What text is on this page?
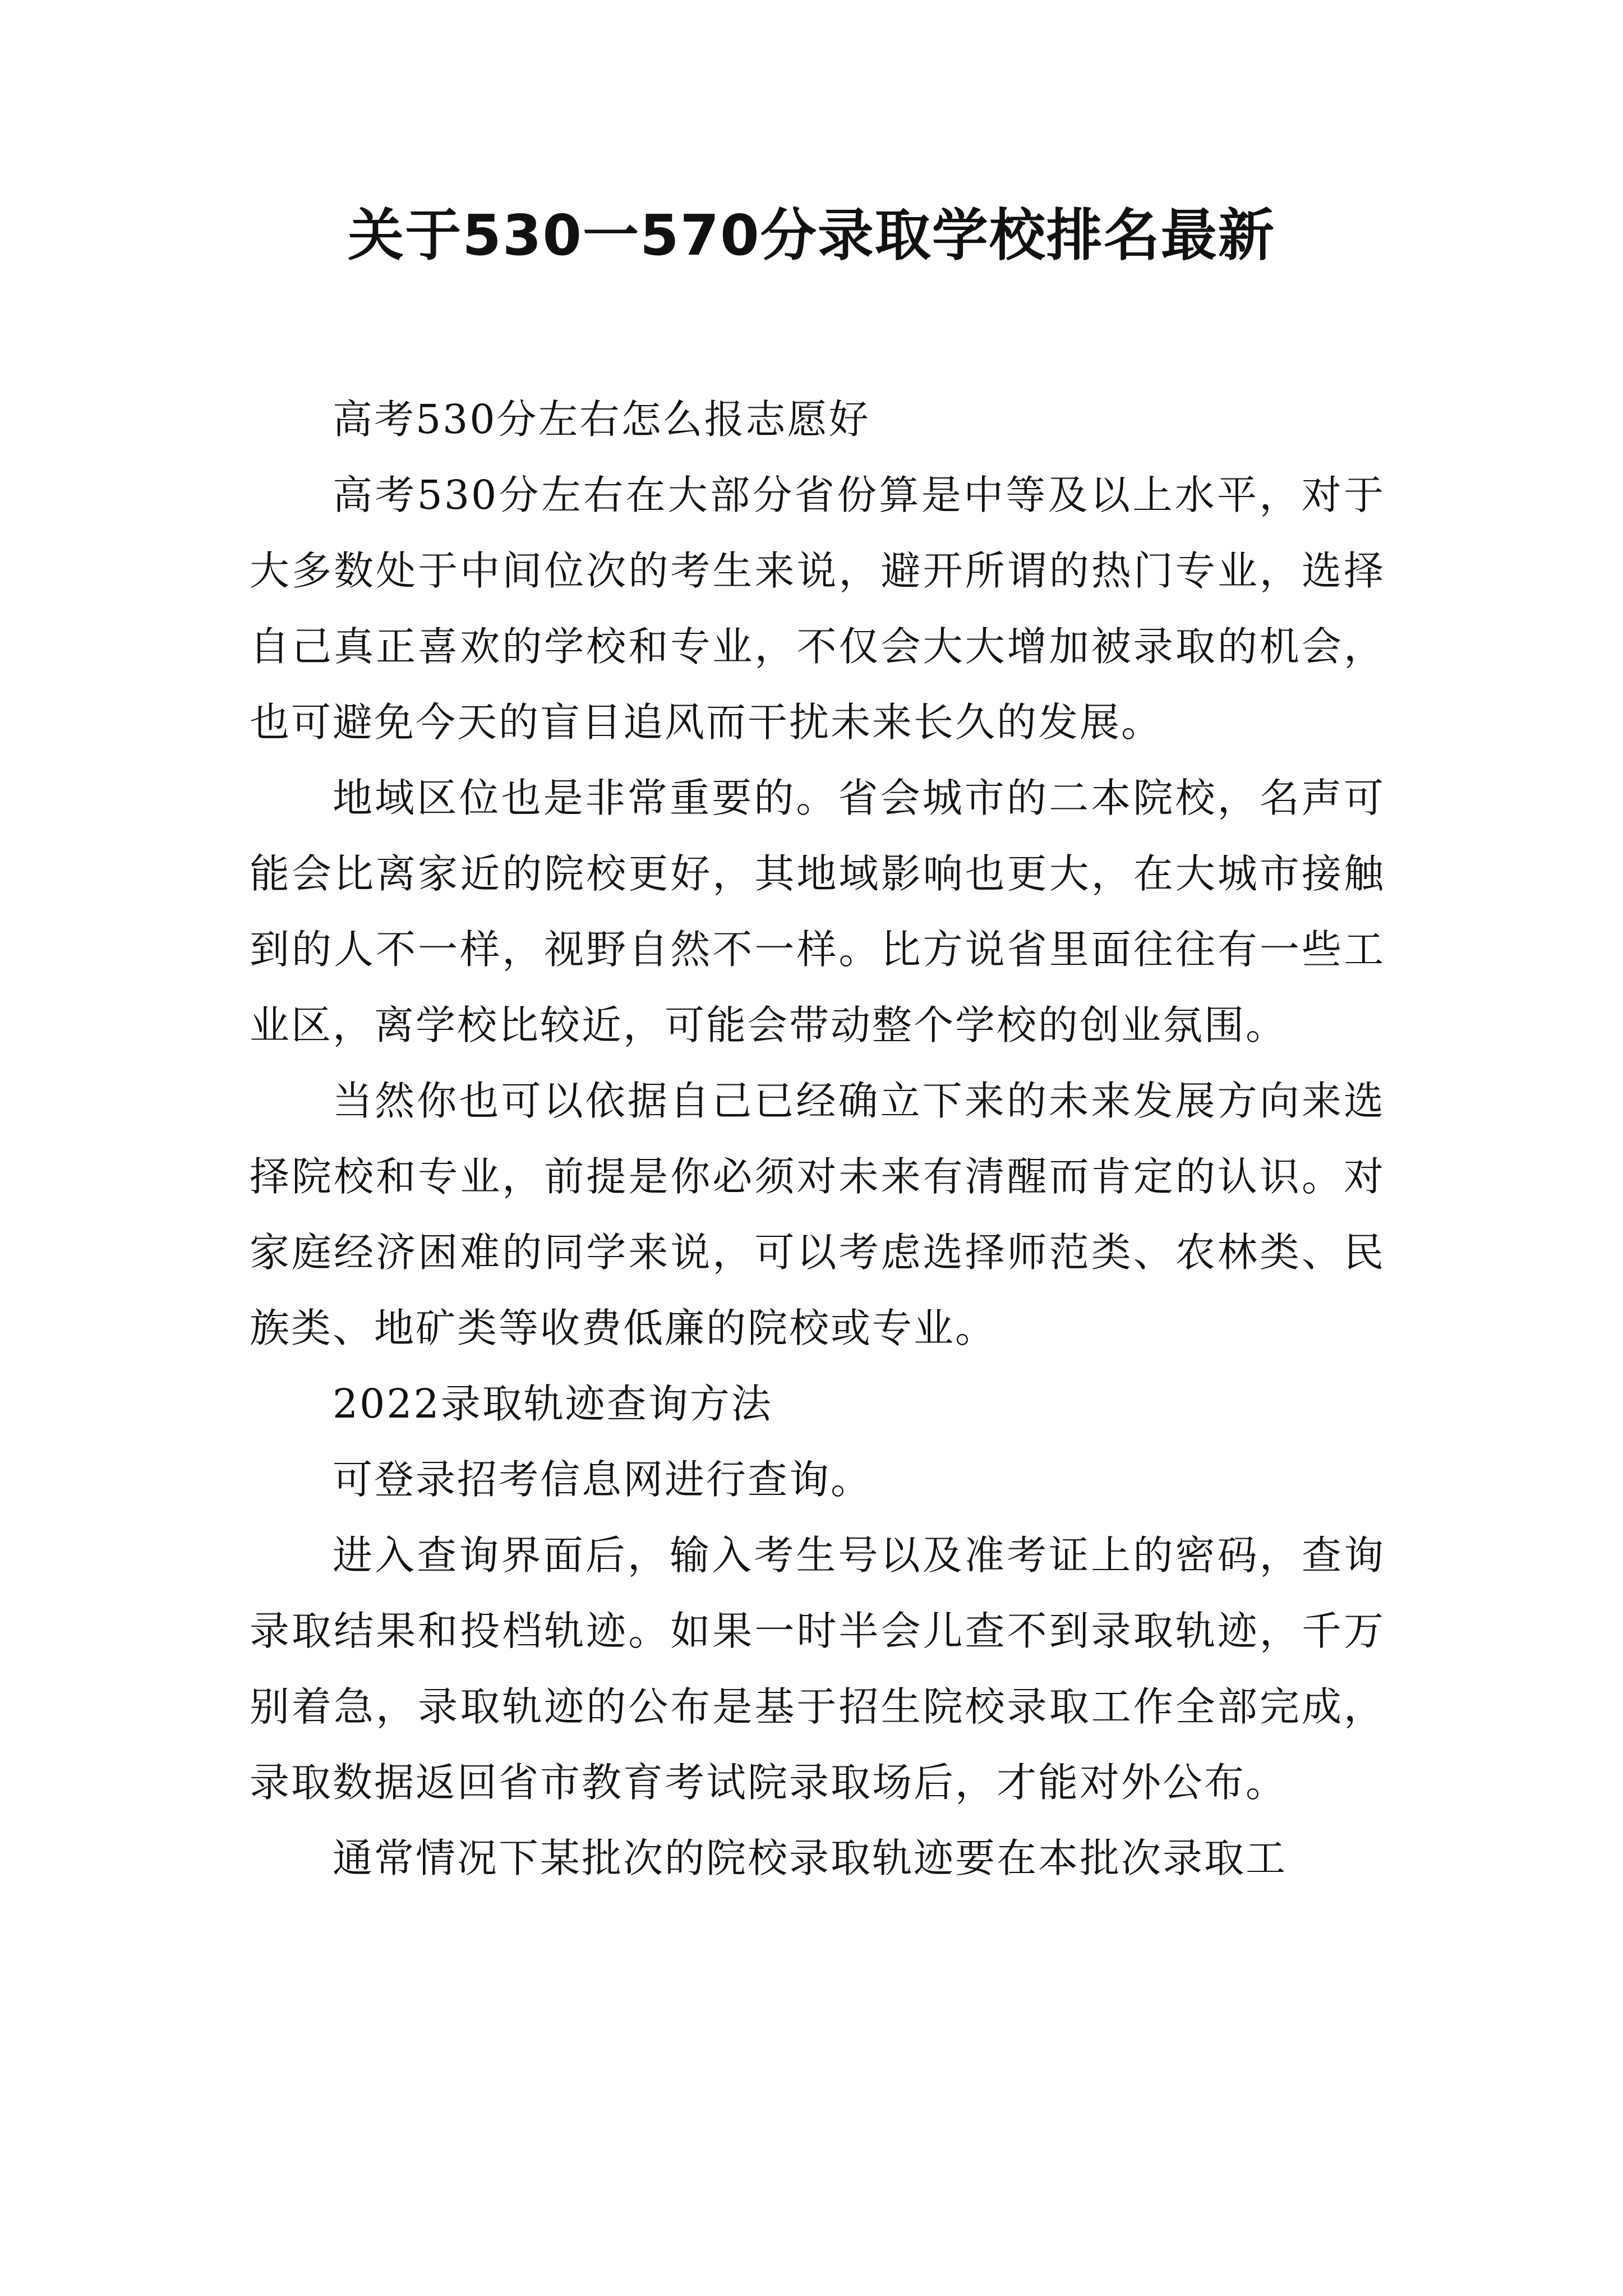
关于530一570分录取学校排名最新

高考530分左右怎么报志愿好

高考530分左右在大部分省份算是中等及以上水平，对于大多数处于中间位次的考生来说，避开所谓的热门专业，选择自己真正喜欢的学校和专业，不仅会大大增加被录取的机会，也可避免今天的盲目追风而干扰未来长久的发展。

地域区位也是非常重要的。省会城市的二本院校，名声可能会比离家近的院校更好，其地域影响也更大，在大城市接触到的人不一样，视野自然不一样。比方说省里面往往有一些工业区，离学校比较近，可能会带动整个学校的创业氛围。

当然你也可以依据自己已经确立下来的未来发展方向来选择院校和专业，前提是你必须对未来有清醒而肯定的认识。对家庭经济困难的同学来说，可以考虑选择师范类、农林类、民族类、地矿类等收费低廉的院校或专业。

2022录取轨迹查询方法

可登录招考信息网进行查询。

进入查询界面后，输入考生号以及准考证上的密码，查询录取结果和投档轨迹。如果一时半会儿查不到录取轨迹，千万别着急，录取轨迹的公布是基于招生院校录取工作全部完成，录取数据返回省市教育考试院录取场后，才能对外公布。

通常情况下某批次的院校录取轨迹要在本批次录取工
